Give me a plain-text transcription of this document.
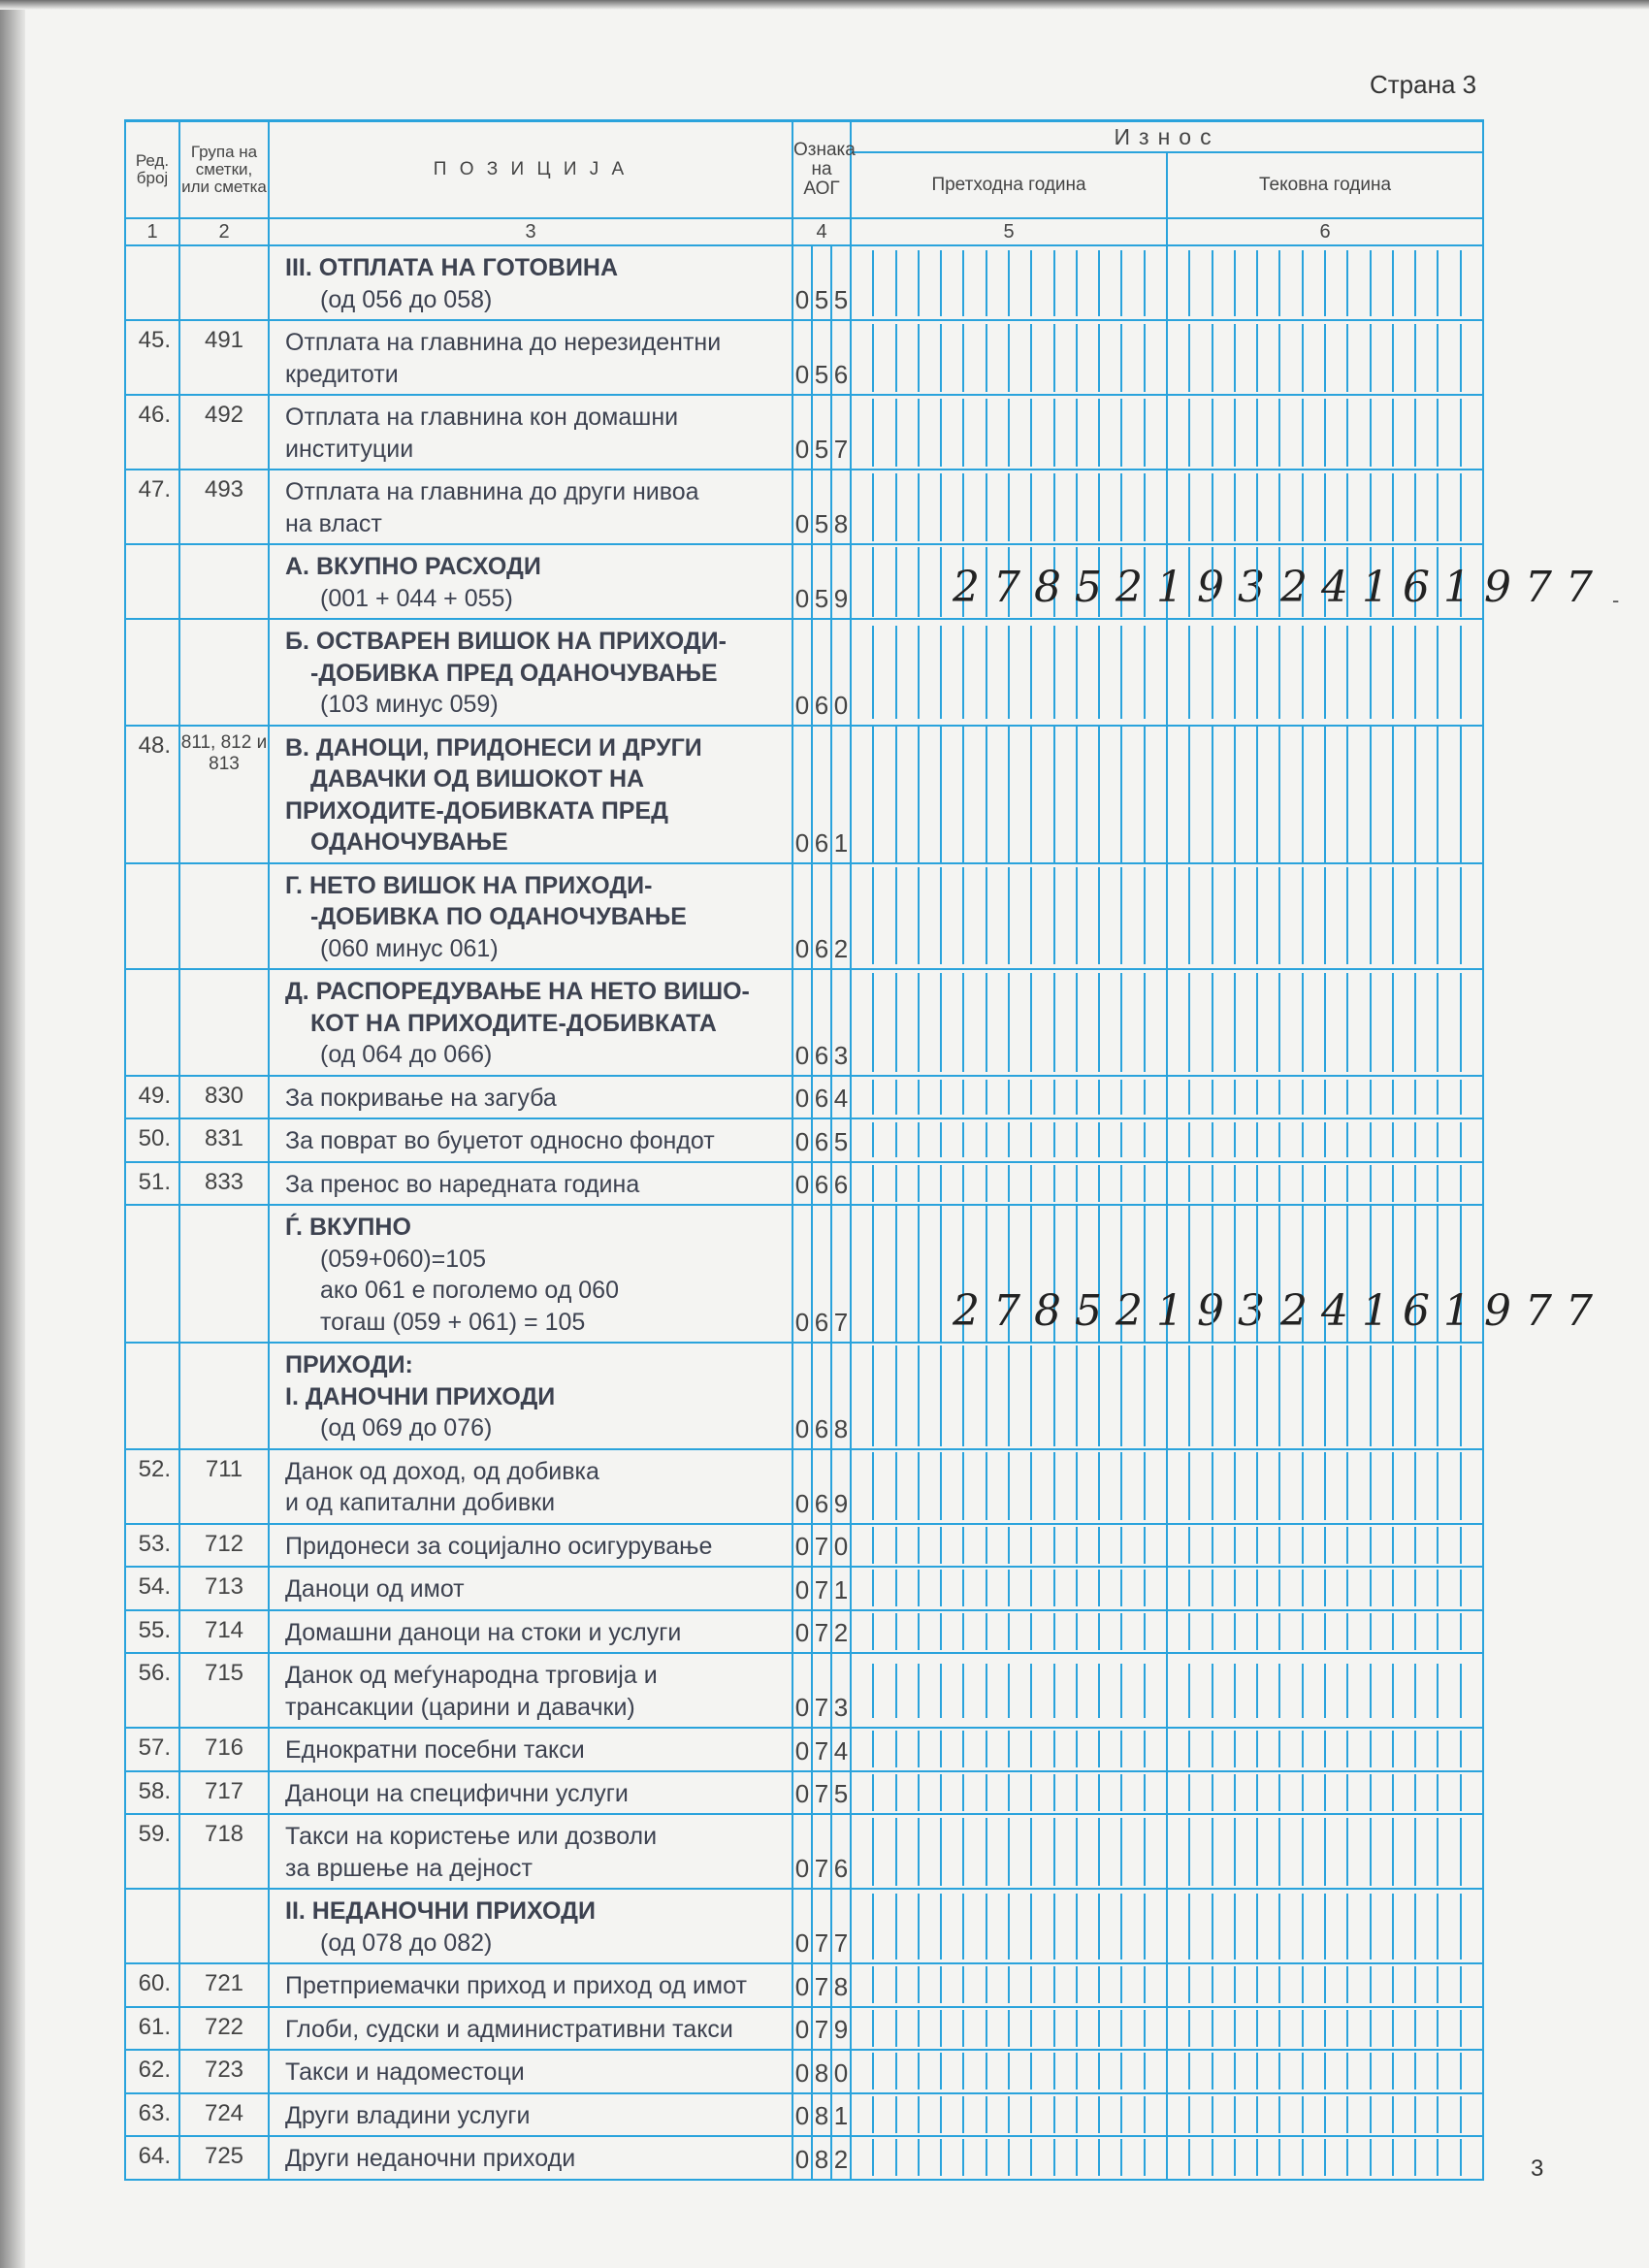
Страна 3
-
Ред. број	Група на сметки, или сметка	П О З И Ц И Ј А	Ознака на АОГ			Износ	
						Претходна година	Тековна година
1	2	3	4			5	6

		III. ОТПЛАТА НА ГОТОВИНА
(од 056 до 058)	0	5	5	

45.	491	Отплата на главнина до нерезидентни
кредитоти	0	5	6	

46.	492	Отплата на главнина кон домашни
институции	0	5	7	

47.	493	Отплата на главнина до други нивоа
на власт	0	5	8	

		А. ВКУПНО РАСХОДИ
(001 + 044 + 055)	0	5	9	27852193	24161977

		Б. ОСТВАРЕН ВИШОК НА ПРИХОДИ-
-ДОБИВКА ПРЕД ОДАНОЧУВАЊЕ
(103 минус 059)	0	6	0	

48.	811, 812 и 813	В. ДАНОЦИ, ПРИДОНЕСИ И ДРУГИ
ДАВАЧКИ ОД ВИШОКОТ НА
ПРИХОДИТЕ-ДОБИВКАТА ПРЕД
ОДАНОЧУВАЊЕ	0	6	1	

		Г. НЕТО ВИШОК НА ПРИХОДИ-
-ДОБИВКА ПО ОДАНОЧУВАЊЕ
(060 минус 061)	0	6	2	

		Д. РАСПОРЕДУВАЊЕ НА НЕТО ВИШО-
КОТ НА ПРИХОДИТЕ-ДОБИВКАТА
(од 064 до 066)	0	6	3	

49.	830	За покривање на загуба	0	6	4	

50.	831	За поврат во буџетот односно фондот	0	6	5	

51.	833	За пренос во наредната година	0	6	6	

		Ѓ. ВКУПНО
(059+060)=105
ако 061 е поголемо од 060
тогаш (059 + 061) = 105	0	6	7	27852193	24161977

		ПРИХОДИ:
I. ДАНОЧНИ ПРИХОДИ
(од 069 до 076)	0	6	8	

52.	711	Данок од доход, од добивка
и од капитални добивки	0	6	9	

53.	712	Придонеси за социјално осигурување	0	7	0	

54.	713	Даноци од имот	0	7	1	

55.	714	Домашни даноци на стоки и услуги	0	7	2	

56.	715	Данок од меѓународна трговија и
трансакции (царини и давачки)	0	7	3	

57.	716	Еднократни посебни такси	0	7	4	

58.	717	Даноци на специфични услуги	0	7	5	

59.	718	Такси на користење или дозволи
за вршење на дејност	0	7	6	

		II. НЕДАНОЧНИ ПРИХОДИ
(од 078 до 082)	0	7	7	

60.	721	Претприемачки приход и приход од имот	0	7	8	

61.	722	Глоби, судски и административни такси	0	7	9	

62.	723	Такси и надоместоци	0	8	0	

63.	724	Други владини услуги	0	8	1	

64.	725	Други неданочни приходи	0	8	2	
		3
